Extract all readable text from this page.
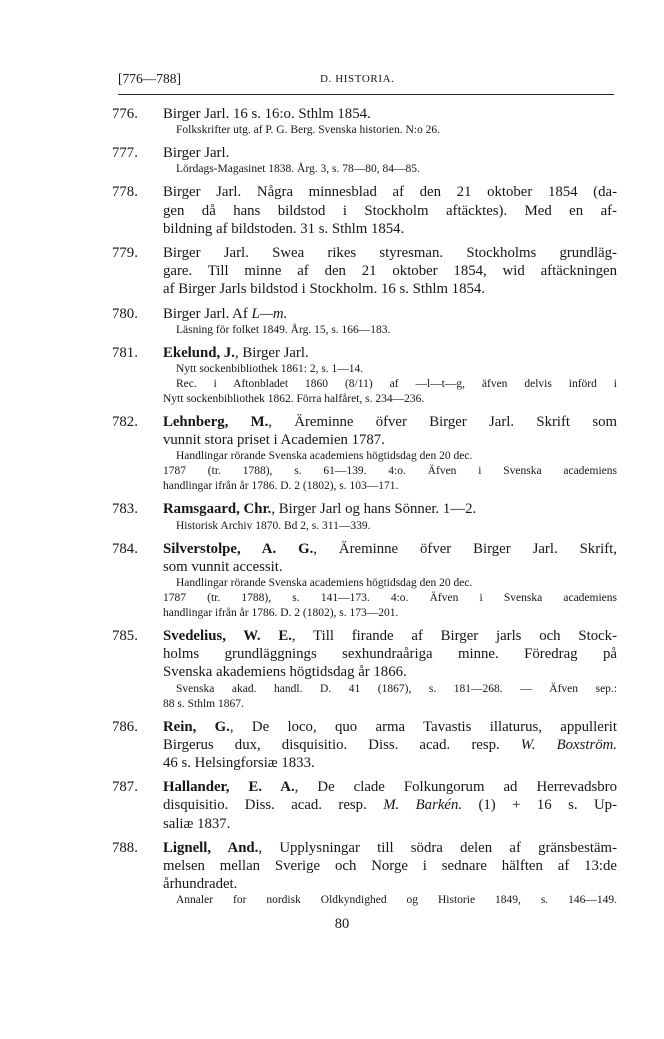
[776—788]	D. HISTORIA.
776. Birger Jarl. 16 s. 16:o. Sthlm 1854.
Folkskrifter utg. af P. G. Berg. Svenska historien. N:o 26.
777. Birger Jarl.
Lördags-Magasinet 1838. Årg. 3, s. 78—80, 84—85.
778. Birger Jarl. Några minnesblad af den 21 oktober 1854 (da-
gen då hans bildstod i Stockholm aftäcktes). Med en af-
bildning af bildstoden. 31 s. Sthlm 1854.
779. Birger Jarl. Swea rikes styresman. Stockholms grundläg-
gare. Till minne af den 21 oktober 1854, wid aftäckningen
af Birger Jarls bildstod i Stockholm. 16 s. Sthlm 1854.
780. Birger Jarl. Af L—m.
Läsning för folket 1849. Årg. 15, s. 166—183.
781. Ekelund, J., Birger Jarl.
Nytt sockenbibliothek 1861: 2, s. 1—14.
Rec. i Aftonbladet 1860 (8/11) af —l—t—g, äfven delvis införd i
Nytt sockenbibliothek 1862. Förra halfåret, s. 234—236.
782. Lehnberg, M., Äreminne öfver Birger Jarl. Skrift som
vunnit stora priset i Academien 1787.
Handlingar rörande Svenska academiens högtidsdag den 20 dec.
1787 (tr. 1788), s. 61—139. 4:o. Äfven i Svenska academiens
handlingar ifrån år 1786. D. 2 (1802), s. 103—171.
783. Ramsgaard, Chr., Birger Jarl og hans Sönner. 1—2.
Historisk Archiv 1870. Bd 2, s. 311—339.
784. Silverstolpe, A. G., Äreminne öfver Birger Jarl. Skrift,
som vunnit accessit.
Handlingar rörande Svenska academiens högtidsdag den 20 dec.
1787 (tr. 1788), s. 141—173. 4:o. Äfven i Svenska academiens
handlingar ifrån år 1786. D. 2 (1802), s. 173—201.
785. Svedelius, W. E., Till firande af Birger jarls och Stock-
holms grundläggnings sexhundraåriga minne. Föredrag på
Svenska akademiens högtidsdag år 1866.
Svenska akad. handl. D. 41 (1867), s. 181—268. — Äfven sep.:
88 s. Sthlm 1867.
786. Rein, G., De loco, quo arma Tavastis illaturus, appullerit
Birgerus dux, disquisitio. Diss. acad. resp. W. Boxström.
46 s. Helsingforsiæ 1833.
787. Hallander, E. A., De clade Folkungorum ad Herrevadsbro
disquisitio. Diss. acad. resp. M. Barkén. (1) + 16 s. Up-
saliæ 1837.
788. Lignell, And., Upplysningar till södra delen af gränsbestäm-
melsen mellan Sverige och Norge i sednare hälften af 13:de
århundradet.
Annaler for nordisk Oldkyndighed og Historie 1849, s. 146—149.
80
